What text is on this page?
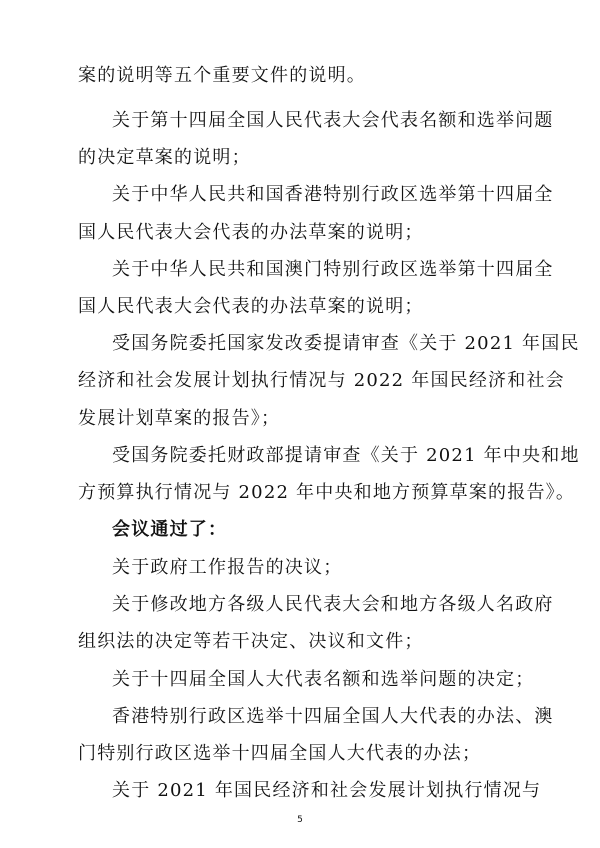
案的说明等五个重要文件的说明。
关于第十四届全国人民代表大会代表名额和选举问题
的决定草案的说明；
关于中华人民共和国香港特别行政区选举第十四届全
国人民代表大会代表的办法草案的说明；
关于中华人民共和国澳门特别行政区选举第十四届全
国人民代表大会代表的办法草案的说明；
受国务院委托国家发改委提请审查《关于 2021 年国民
经济和社会发展计划执行情况与 2022 年国民经济和社会
发展计划草案的报告》；
受国务院委托财政部提请审查《关于 2021 年中央和地
方预算执行情况与 2022 年中央和地方预算草案的报告》。
会议通过了：
关于政府工作报告的决议；
关于修改地方各级人民代表大会和地方各级人名政府
组织法的决定等若干决定、决议和文件；
关于十四届全国人大代表名额和选举问题的决定；
香港特别行政区选举十四届全国人大代表的办法、澳
门特别行政区选举十四届全国人大代表的办法；
关于 2021 年国民经济和社会发展计划执行情况与
5
